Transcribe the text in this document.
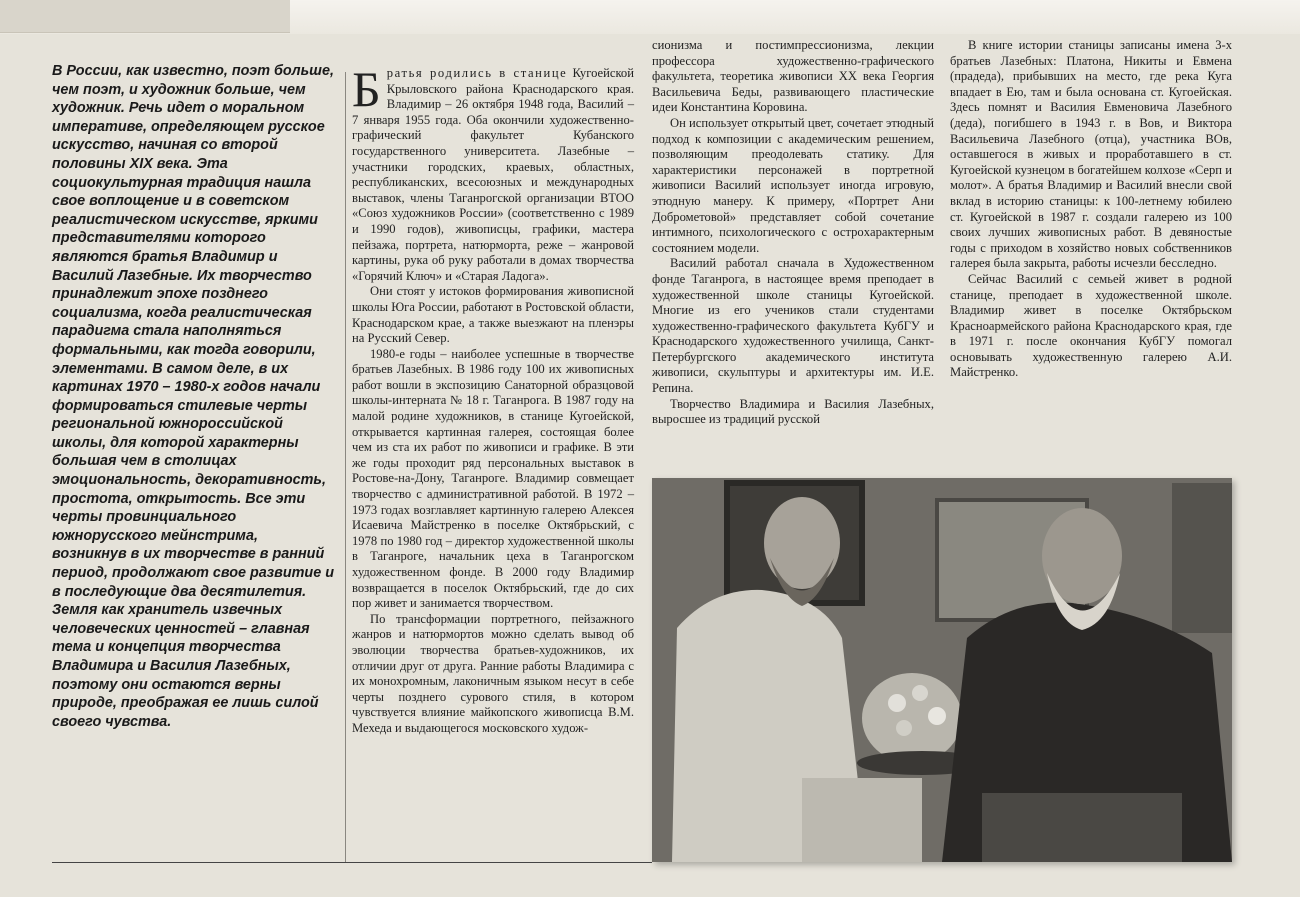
В России, как известно, поэт больше, чем поэт, и художник больше, чем художник. Речь идет о моральном императиве, определяющем русское искусство, начиная со второй половины XIX века. Эта социокультурная традиция нашла свое воплощение и в советском реалистическом искусстве, яркими представителями которого являются братья Владимир и Василий Лазебные. Их творчество принадлежит эпохе позднего социализма, когда реалистическая парадигма стала наполняться формальными, как тогда говорили, элементами. В самом деле, в их картинах 1970 – 1980-х годов начали формироваться стилевые черты региональной южнороссийской школы, для которой характерны большая чем в столицах эмоциональность, декоративность, простота, открытость. Все эти черты провинциального южнорусского мейнстрима, возникнув в их творчестве в ранний период, продолжают свое развитие и в последующие два десятилетия. Земля как хранитель извечных человеческих ценностей – главная тема и концепция творчества Владимира и Василия Лазебных, поэтому они остаются верны природе, преображая ее лишь силой своего чувства.

Братья родились в станице Кугоейской Крыловского района Краснодарского края. Владимир – 26 октября 1948 года, Василий – 7 января 1955 года. Оба окончили художественно-графический факультет Кубанского государственного университета. Лазебные – участники городских, краевых, областных, республиканских, всесоюзных и международных выставок, члены Таганрогской организации ВТОО «Союз художников России» (соответственно с 1989 и 1990 годов), живописцы, графики, мастера пейзажа, портрета, натюрморта, реже – жанровой картины, рука об руку работали в домах творчества «Горячий Ключ» и «Старая Ладога».

Они стоят у истоков формирования живописной школы Юга России, работают в Ростовской области, Краснодарском крае, а также выезжают на пленэры на Русский Север.

1980-е годы – наиболее успешные в творчестве братьев Лазебных. В 1986 году 100 их живописных работ вошли в экспозицию Санаторной образцовой школы-интерната № 18 г. Таганрога. В 1987 году на малой родине художников, в станице Кугоейской, открывается картинная галерея, состоящая более чем из ста их работ по живописи и графике. В эти же годы проходит ряд персональных выставок в Ростове-на-Дону, Таганроге. Владимир совмещает творчество с административной работой. В 1972 – 1973 годах возглавляет картинную галерею Алексея Исаевича Майстренко в поселке Октябрьский, с 1978 по 1980 год – директор художественной школы в Таганроге, начальник цеха в Таганрогском художественном фонде. В 2000 году Владимир возвращается в поселок Октябрьский, где до сих пор живет и занимается творчеством.

По трансформации портретного, пейзажного жанров и натюрмортов можно сделать вывод об эволюции творчества братьев-художников, их отличии друг от друга. Ранние работы Владимира с их монохромным, лаконичным языком несут в себе черты позднего сурового стиля, в котором чувствуется влияние майкопского живописца В.М. Мехеда и выдающегося московского худож-

сионизма и постимпрессионизма, лекции профессора художественно-графического факультета, теоретика живописи XX века Георгия Васильевича Беды, развивающего пластические идеи Константина Коровина.

Он использует открытый цвет, сочетает этюдный подход к композиции с академическим решением, позволяющим преодолевать статику. Для характеристики персонажей в портретной живописи Василий использует иногда игровую, этюдную манеру. К примеру, «Портрет Ани Доброметовой» представляет собой сочетание интимного, психологического с остроxарактерным состоянием модели.

Василий работал сначала в Художественном фонде Таганрога, в настоящее время преподает в художественной школе станицы Кугоейской. Многие из его учеников стали студентами художественно-графического факультета КубГУ и Краснодарского художественного училища, Санкт-Петербургского академического института живописи, скульптуры и архитектуры им. И.Е. Репина.

Творчество Владимира и Василия Лазебных, выросшее из традиций русской

В книге истории станицы записаны имена 3-х братьев Лазебных: Платона, Никиты и Евмена (прадеда), прибывших на место, где река Куга впадает в Ею, там и была основана ст. Кугоейская. Здесь помнят и Василия Евменовича Лазебного (деда), погибшего в 1943 г. в Вов, и Виктора Васильевича Лазебного (отца), участника ВОв, оставшегося в живых и проработавшего в ст. Кугоейской кузнецом в богатейшем колхозе «Серп и молот». А братья Владимир и Василий внесли свой вклад в историю станицы: к 100-летнему юбилею ст. Кугоейской в 1987 г. создали галерею из 100 своих лучших живописных работ. В девяностые годы с приходом в хозяйство новых собственников галерея была закрыта, работы исчезли бесследно.

Сейчас Василий с семьей живет в родной станице, преподает в художественной школе. Владимир живет в поселке Октябрьском Красноармейского района Краснодарского края, где в 1971 г. после окончания КубГУ помогал основывать художественную галерею А.И. Майстренко.
